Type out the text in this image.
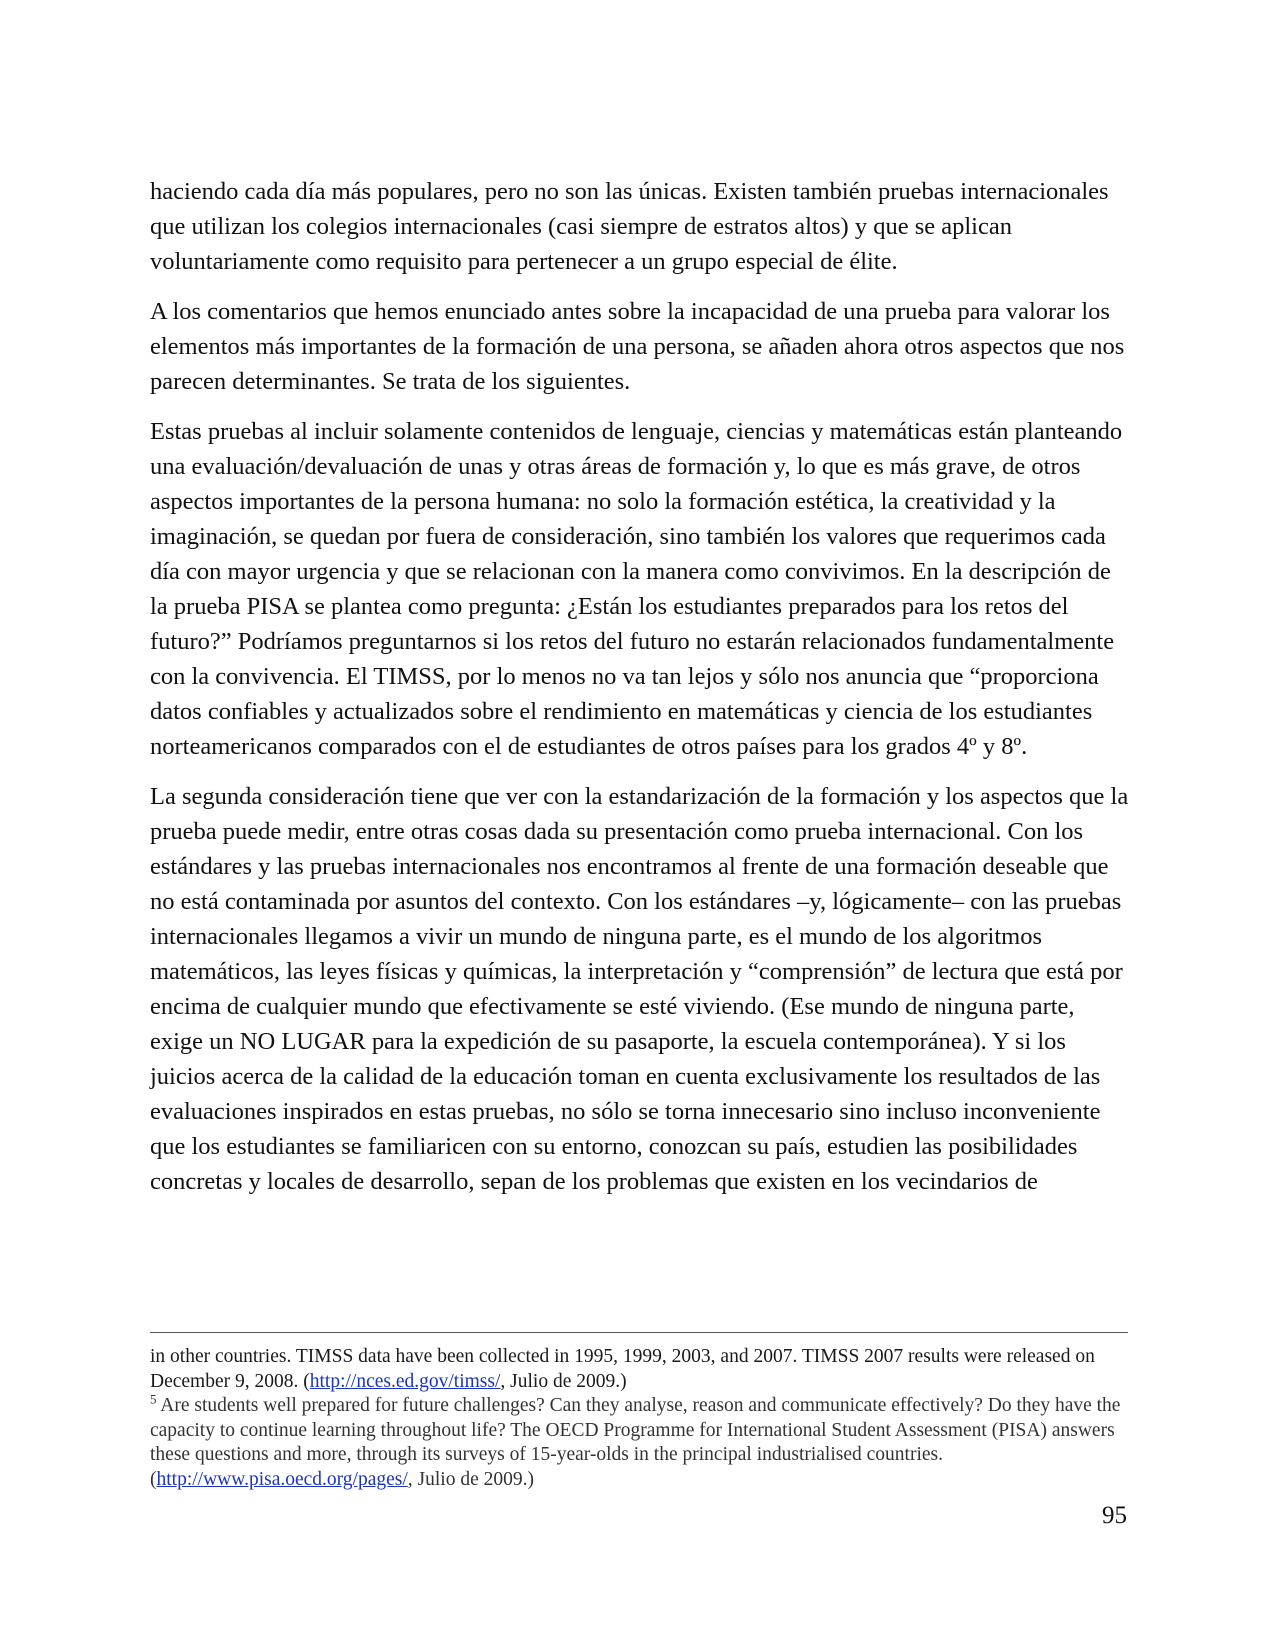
haciendo cada día más populares, pero no son las únicas. Existen también pruebas internacionales que utilizan los colegios internacionales (casi siempre de estratos altos) y que se aplican voluntariamente como requisito para pertenecer a un grupo especial de élite.

A los comentarios que hemos enunciado antes sobre la incapacidad de una prueba para valorar los elementos más importantes de la formación de una persona, se añaden ahora otros aspectos que nos parecen determinantes. Se trata de los siguientes.

Estas pruebas al incluir solamente contenidos de lenguaje, ciencias y matemáticas están planteando una evaluación/devaluación de unas y otras áreas de formación y, lo que es más grave, de otros aspectos importantes de la persona humana: no solo la formación estética, la creatividad y la imaginación, se quedan por fuera de consideración, sino también los valores que requerimos cada día con mayor urgencia y que se relacionan con la manera como convivimos. En la descripción de la prueba PISA se plantea como pregunta: ¿Están los estudiantes preparados para los retos del futuro?” Podríamos preguntarnos si los retos del futuro no estarán relacionados fundamentalmente con la convivencia. El TIMSS, por lo menos no va tan lejos y sólo nos anuncia que “proporciona datos confiables y actualizados sobre el rendimiento en matemáticas y ciencia de los estudiantes norteamericanos comparados con el de estudiantes de otros países para los grados 4º y 8º.

La segunda consideración tiene que ver con la estandarización de la formación y los aspectos que la prueba puede medir, entre otras cosas dada su presentación como prueba internacional. Con los estándares y las pruebas internacionales nos encontramos al frente de una formación deseable que no está contaminada por asuntos del contexto. Con los estándares –y, lógicamente– con las pruebas internacionales llegamos a vivir un mundo de ninguna parte, es el mundo de los algoritmos matemáticos, las leyes físicas y químicas, la interpretación y “comprensión” de lectura que está por encima de cualquier mundo que efectivamente se esté viviendo. (Ese mundo de ninguna parte, exige un NO LUGAR para la expedición de su pasaporte, la escuela contemporánea). Y si los juicios acerca de la calidad de la educación toman en cuenta exclusivamente los resultados de las evaluaciones inspirados en estas pruebas, no sólo se torna innecesario sino incluso inconveniente que los estudiantes se familiaricen con su entorno, conozcan su país, estudien las posibilidades concretas y locales de desarrollo, sepan de los problemas que existen en los vecindarios de

in other countries. TIMSS data have been collected in 1995, 1999, 2003, and 2007. TIMSS 2007 results were released on December 9, 2008. (http://nces.ed.gov/timss/, Julio de 2009.)

$^5$ Are students well prepared for future challenges? Can they analyse, reason and communicate effectively? Do they have the capacity to continue learning throughout life? The OECD Programme for International Student Assessment (PISA) answers these questions and more, through its surveys of 15-year-olds in the principal industrialised countries. (http://www.pisa.oecd.org/pages/, Julio de 2009.)

95
